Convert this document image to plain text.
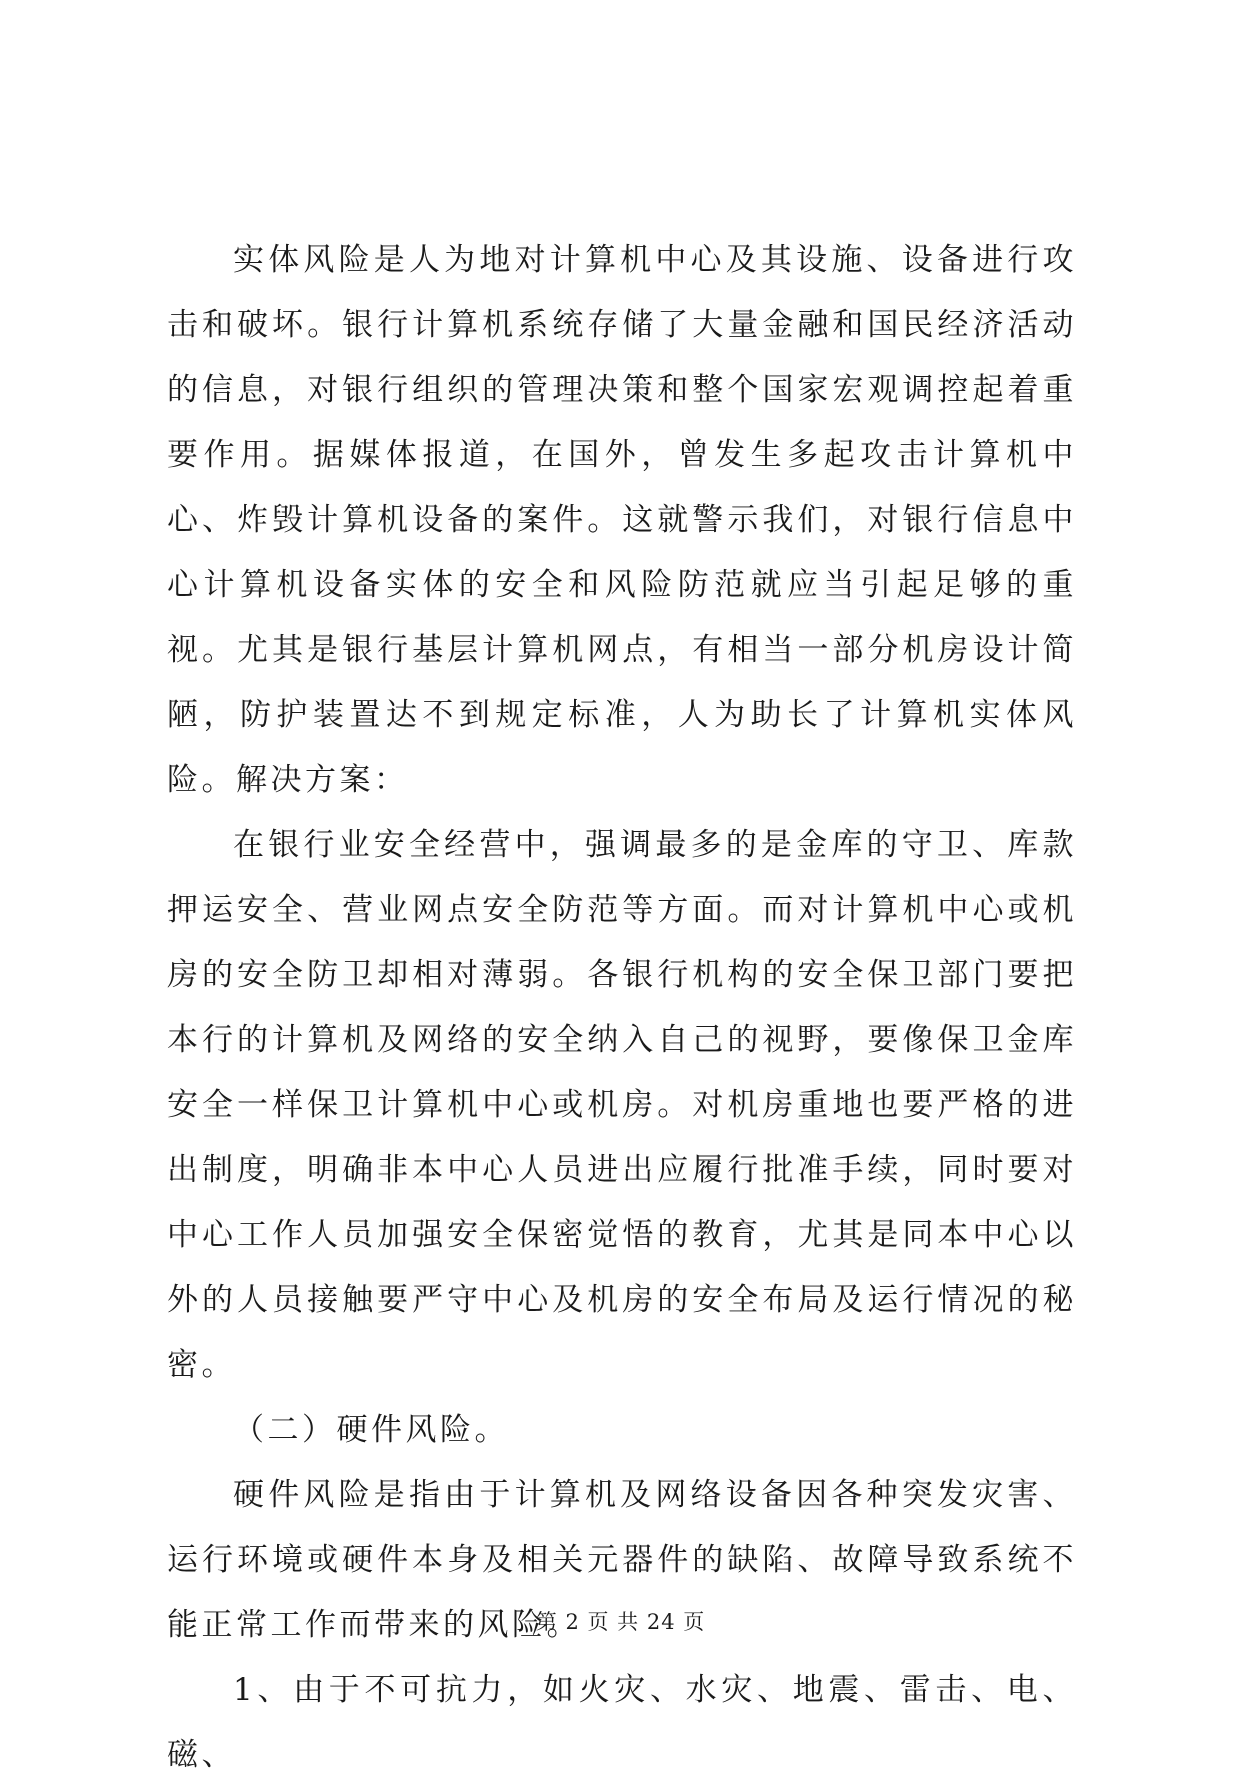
实体风险是人为地对计算机中心及其设施、设备进行攻击和破坏。银行计算机系统存储了大量金融和国民经济活动的信息，对银行组织的管理决策和整个国家宏观调控起着重要作用。据媒体报道，在国外，曾发生多起攻击计算机中心、炸毁计算机设备的案件。这就警示我们，对银行信息中心计算机设备实体的安全和风险防范就应当引起足够的重视。尤其是银行基层计算机网点，有相当一部分机房设计简陋，防护装置达不到规定标准，人为助长了计算机实体风险。解决方案：

在银行业安全经营中，强调最多的是金库的守卫、库款押运安全、营业网点安全防范等方面。而对计算机中心或机房的安全防卫却相对薄弱。各银行机构的安全保卫部门要把本行的计算机及网络的安全纳入自己的视野，要像保卫金库安全一样保卫计算机中心或机房。对机房重地也要严格的进出制度，明确非本中心人员进出应履行批准手续，同时要对中心工作人员加强安全保密觉悟的教育，尤其是同本中心以外的人员接触要严守中心及机房的安全布局及运行情况的秘密。

（二）硬件风险。

硬件风险是指由于计算机及网络设备因各种突发灾害、运行环境或硬件本身及相关元器件的缺陷、故障导致系统不能正常工作而带来的风险。

1、由于不可抗力，如火灾、水灾、地震、雷击、电、磁、

第 2 页 共 24 页
